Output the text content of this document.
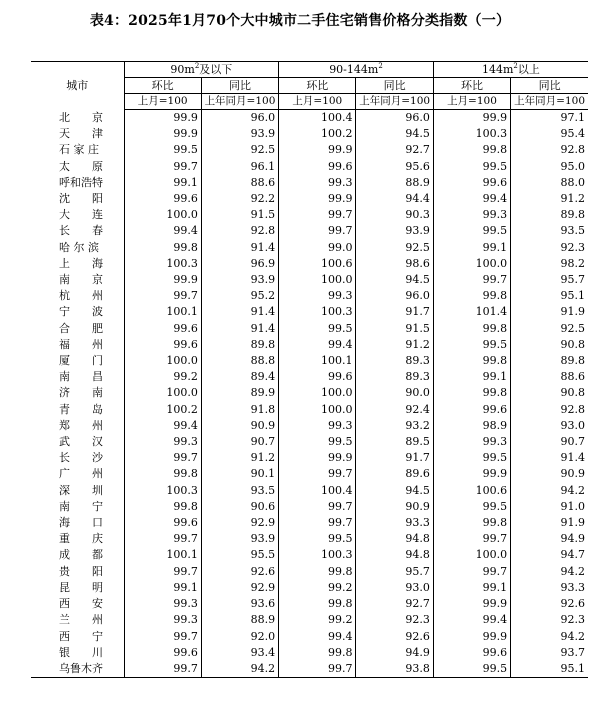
表4：2025年1月70个大中城市二手住宅销售价格分类指数（一）
城市	$90m^2$及以下		$90-144m^2$		$144m^2$以上	
	环比	同比	环比	同比	环比	同比
	上月=100	上年同月=100	上月=100	上年同月=100	上月=100	上年同月=100
北　　京	99.9	96.0	100.4	96.0	99.9	97.1
天　　津	99.9	93.9	100.2	94.5	100.3	95.4
石 家 庄	99.5	92.5	99.9	92.7	99.8	92.8
太　　原	99.7	96.1	99.6	95.6	99.5	95.0
呼和浩特	99.1	88.6	99.3	88.9	99.6	88.0
沈　　阳	99.6	92.2	99.9	94.4	99.4	91.2
大　　连	100.0	91.5	99.7	90.3	99.3	89.8
长　　春	99.4	92.8	99.7	93.9	99.5	93.5
哈 尔 滨	99.8	91.4	99.0	92.5	99.1	92.3
上　　海	100.3	96.9	100.6	98.6	100.0	98.2
南　　京	99.9	93.9	100.0	94.5	99.7	95.7
杭　　州	99.7	95.2	99.3	96.0	99.8	95.1
宁　　波	100.1	91.4	100.3	91.7	101.4	91.9
合　　肥	99.6	91.4	99.5	91.5	99.8	92.5
福　　州	99.6	89.8	99.4	91.2	99.5	90.8
厦　　门	100.0	88.8	100.1	89.3	99.8	89.8
南　　昌	99.2	89.4	99.6	89.3	99.1	88.6
济　　南	100.0	89.9	100.0	90.0	99.8	90.8
青　　岛	100.2	91.8	100.0	92.4	99.6	92.8
郑　　州	99.4	90.9	99.3	93.2	98.9	93.0
武　　汉	99.3	90.7	99.5	89.5	99.3	90.7
长　　沙	99.7	91.2	99.9	91.7	99.5	91.4
广　　州	99.8	90.1	99.7	89.6	99.9	90.9
深　　圳	100.3	93.5	100.4	94.5	100.6	94.2
南　　宁	99.8	90.6	99.7	90.9	99.5	91.0
海　　口	99.6	92.9	99.7	93.3	99.8	91.9
重　　庆	99.7	93.9	99.5	94.8	99.7	94.9
成　　都	100.1	95.5	100.3	94.8	100.0	94.7
贵　　阳	99.7	92.6	99.8	95.7	99.7	94.2
昆　　明	99.1	92.9	99.2	93.0	99.1	93.3
西　　安	99.3	93.6	99.8	92.7	99.9	92.6
兰　　州	99.3	88.9	99.2	92.3	99.4	92.3
西　　宁	99.7	92.0	99.4	92.6	99.9	94.2
银　　川	99.6	93.4	99.8	94.9	99.6	93.7
乌鲁木齐	99.7	94.2	99.7	93.8	99.5	95.1
